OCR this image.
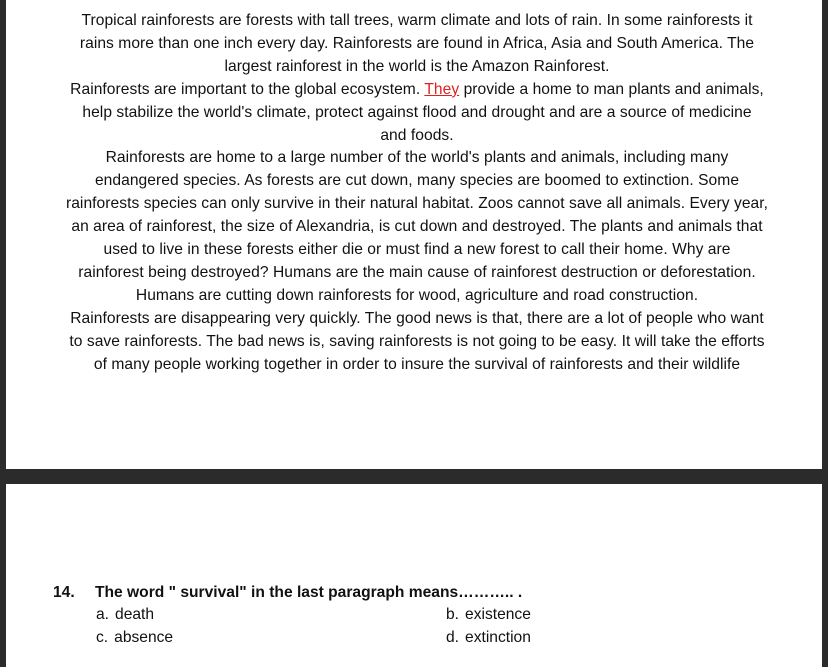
Tropical rainforests are forests with tall trees, warm climate and lots of rain. In some rainforests it
rains more than one inch every day. Rainforests are found in Africa, Asia and South America. The
largest rainforest in the world is the Amazon Rainforest.
Rainforests are important to the global ecosystem. They provide a home to man plants and animals,
help stabilize the world's climate, protect against flood and drought and are a source of medicine
and foods.
Rainforests are home to a large number of the world's plants and animals, including many
endangered species. As forests are cut down, many species are boomed to extinction. Some
rainforests species can only survive in their natural habitat. Zoos cannot save all animals. Every year,
an area of rainforest, the size of Alexandria, is cut down and destroyed. The plants and animals that
used to live in these forests either die or must find a new forest to call their home. Why are
rainforest being destroyed? Humans are the main cause of rainforest destruction or deforestation.
Humans are cutting down rainforests for wood, agriculture and road construction.
Rainforests are disappearing very quickly. The good news is that, there are a lot of people who want
to save rainforests. The bad news is, saving rainforests is not going to be easy. It will take the efforts
of many people working together in order to insure the survival of rainforests and their wildlife
14.	The word " survival" in the last paragraph means……….. .
a. death	b. existence
c. absence	d. extinction
